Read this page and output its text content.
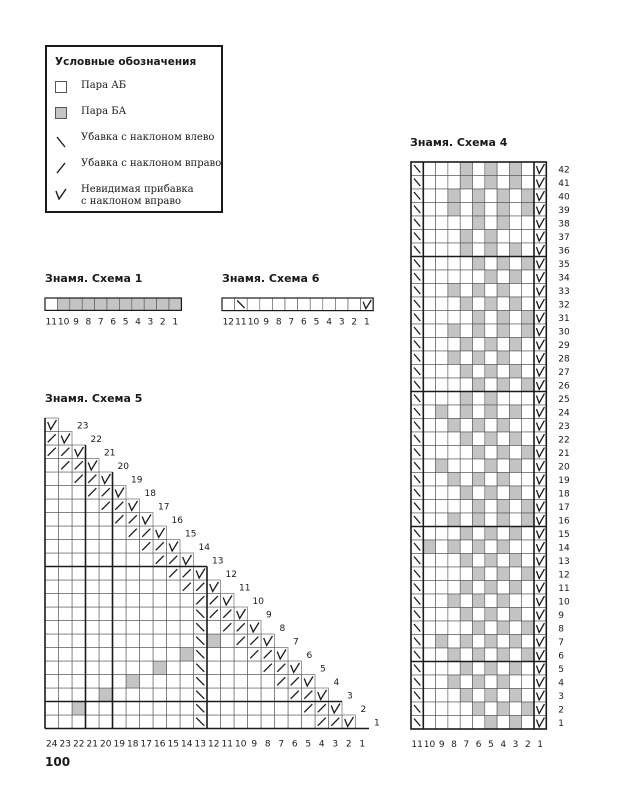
Условные обозначения
Пара АБ
Пара БА
Убавка с наклоном влево
Убавка с наклоном вправо
Невидимая прибавка
с наклоном вправо
Знамя. Схема 1	Знамя. Схема 6
Знамя. Схема 5
Знамя. Схема 4
11 10 9 8 7 6 5 4 3 2 1	12 11 10 9 8 7 6 5 4 3 2 1
1
2
3
4
5
6
7
8
9
10
11
12
13
14
15
16
17
18
19
20
21
22
23
24 23 22 21 20 19 18 17 16 15 14 13 12 11 10 9 8 7 6 5 4 3 2 1
42
41
40
39
38
37
36
35
34
33
32
31
30
29
28
27
26
25
24
23
22
21
20
19
18
17
16
15
14
13
12
11
10
9
8
7
6
5
4
3
2
1
11 10 9 8 7 6 5 4 3 2 1
100
